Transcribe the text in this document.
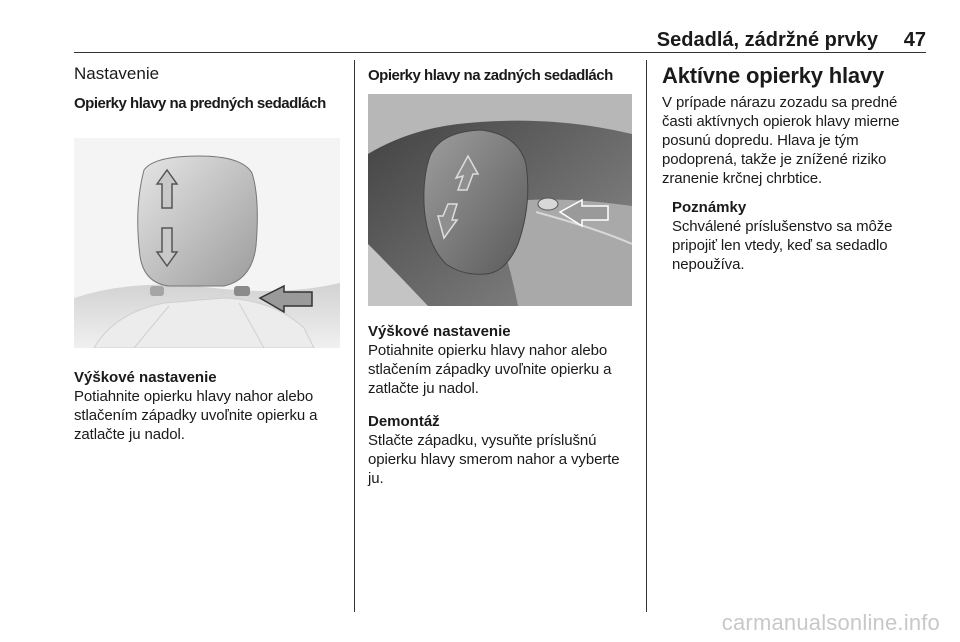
Sedadlá, zádržné prvky	47
Nastavenie
Opierky hlavy na predných sedadlách
Výškové nastavenie
Potiahnite opierku hlavy nahor alebo stlačením západky uvoľnite opierku a zatlačte ju nadol.
Opierky hlavy na zadných sedadlách
Výškové nastavenie
Potiahnite opierku hlavy nahor alebo stlačením západky uvoľnite opierku a zatlačte ju nadol.
Demontáž
Stlačte západku, vysuňte príslušnú opierku hlavy smerom nahor a vyberte ju.
Aktívne opierky hlavy
V prípade nárazu zozadu sa predné časti aktívnych opierok hlavy mierne posunú dopredu. Hlava je tým podoprená, takže je znížené riziko zranenie krčnej chrbtice.
Poznámky
Schválené príslušenstvo sa môže pripojiť len vtedy, keď sa sedadlo nepoužíva.
carmanualsonline.info
